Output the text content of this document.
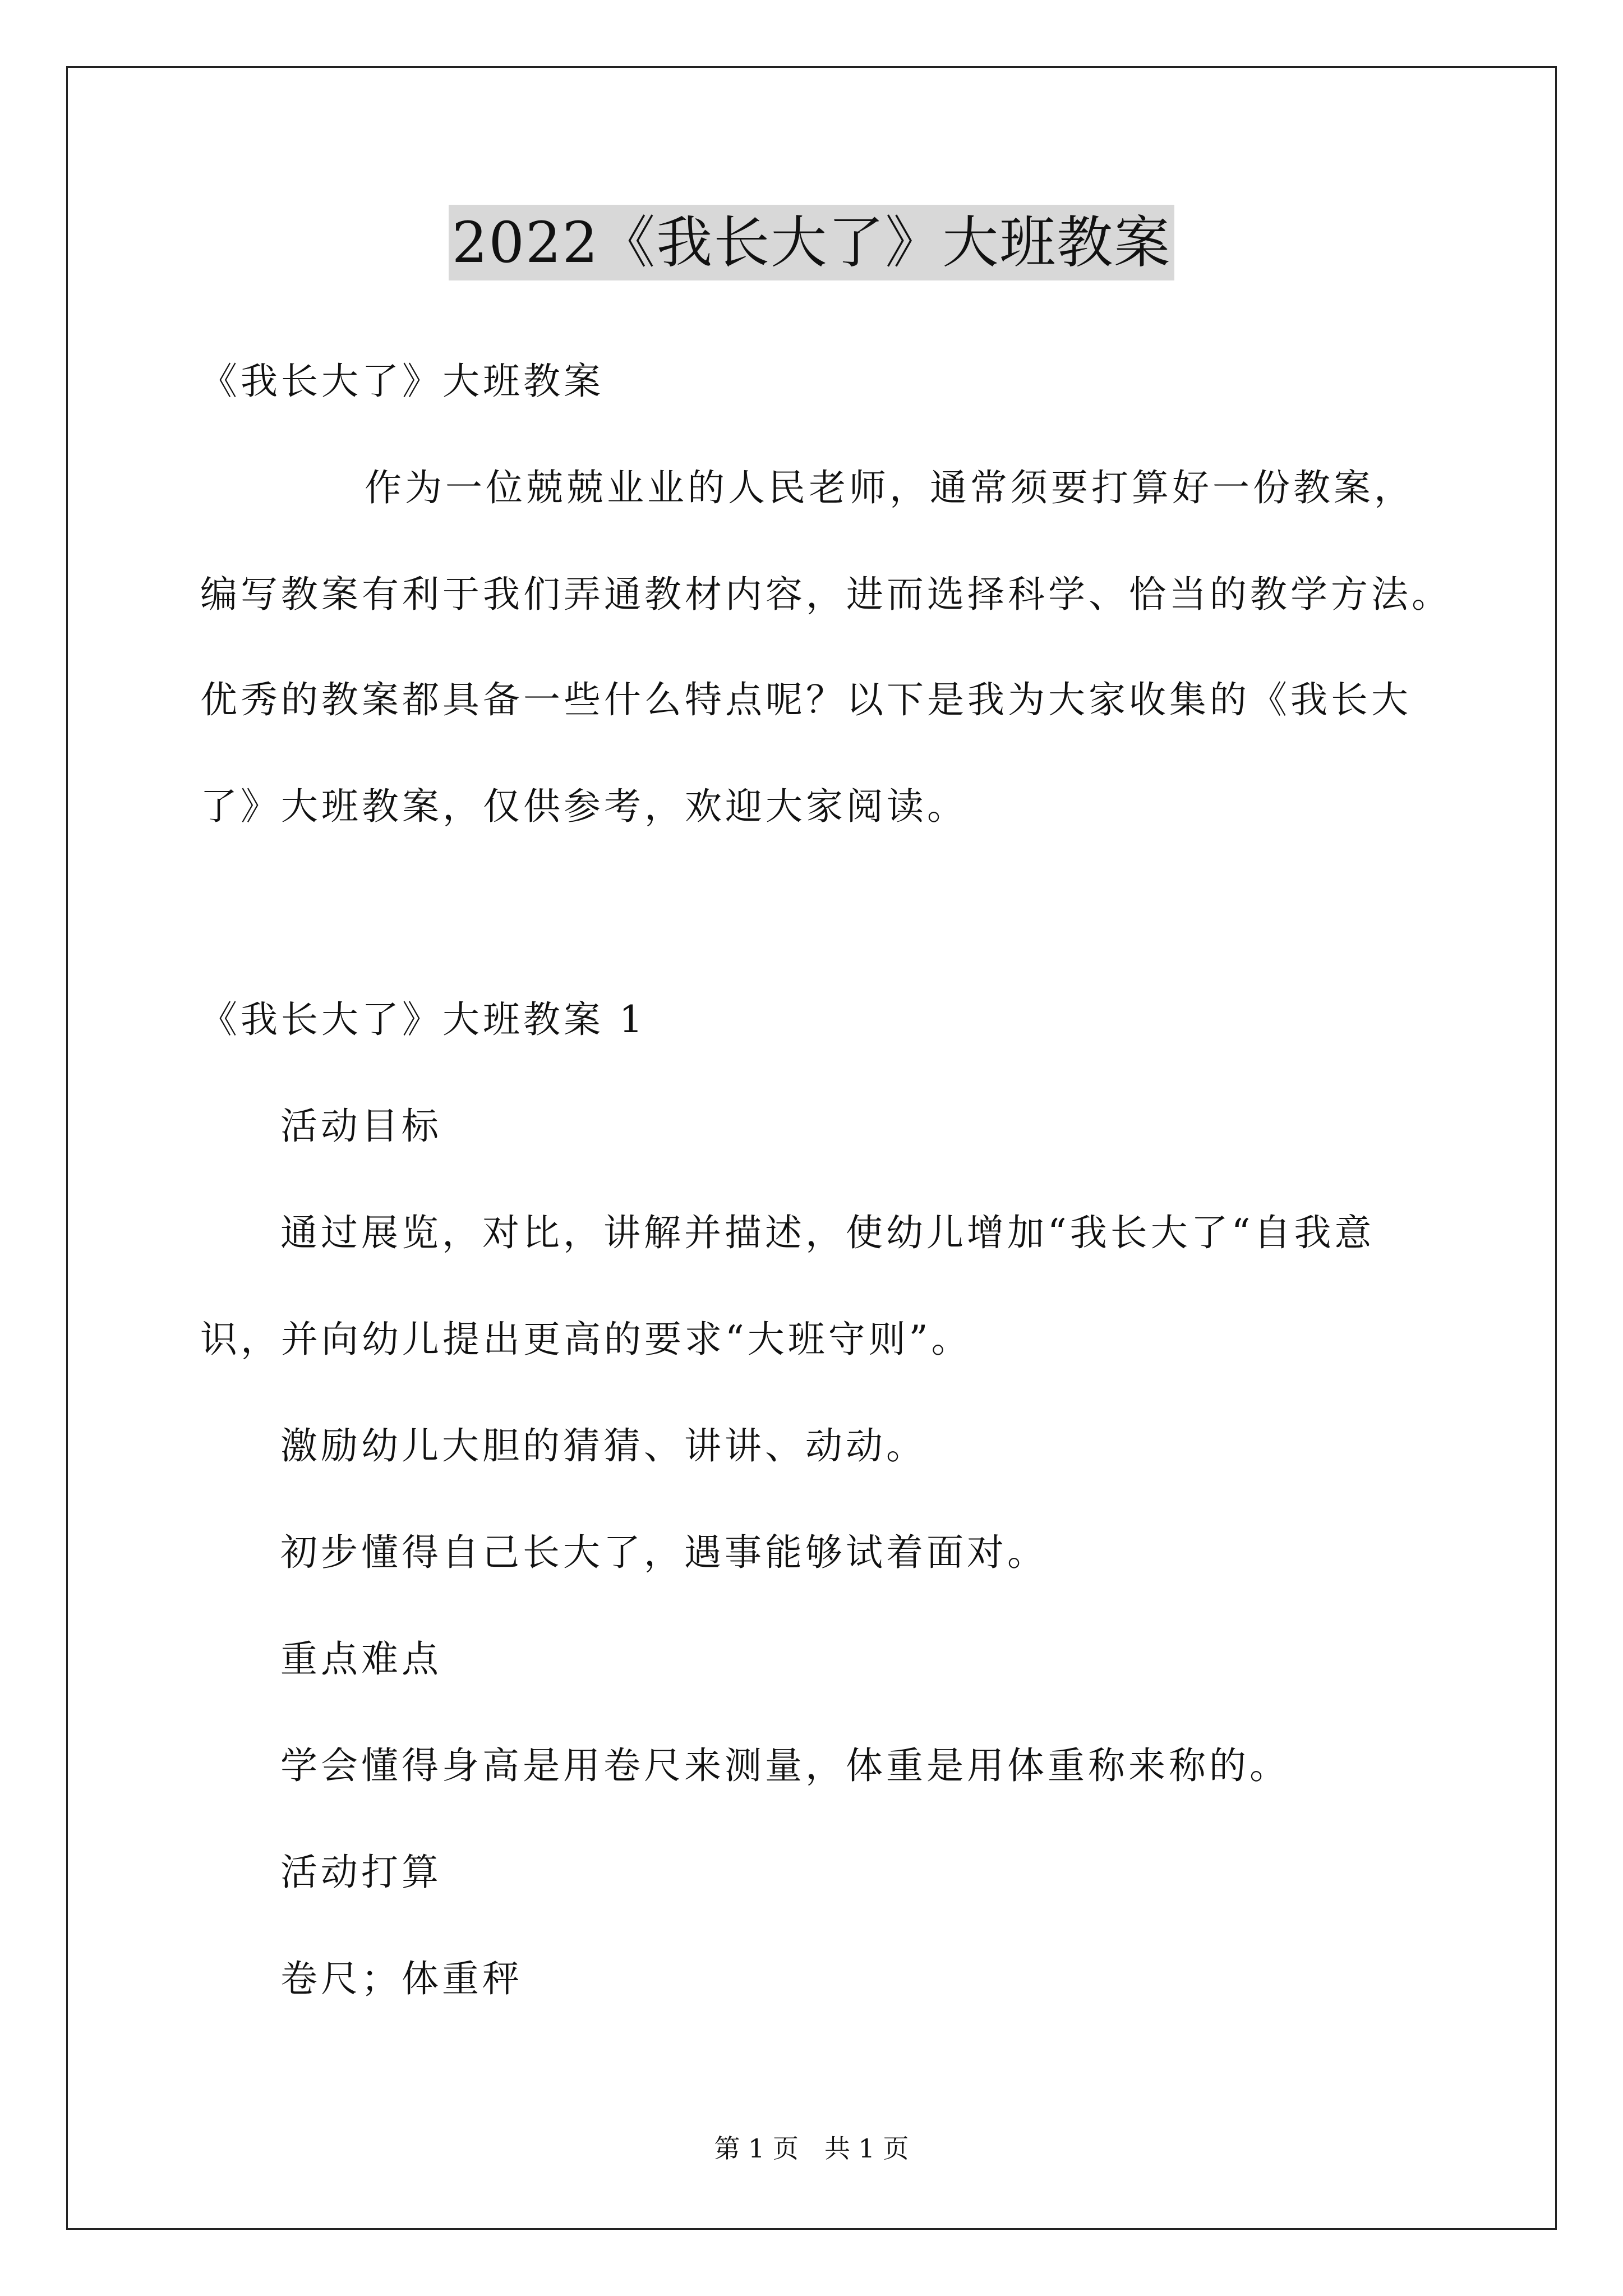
2022《我长大了》大班教案
《我长大了》大班教案
作为一位兢兢业业的人民老师，通常须要打算好一份教案，
编写教案有利于我们弄通教材内容，进而选择科学、恰当的教学方法。
优秀的教案都具备一些什么特点呢？以下是我为大家收集的《我长大
了》大班教案，仅供参考，欢迎大家阅读。
《我长大了》大班教案 1
活动目标
通过展览，对比，讲解并描述，使幼儿增加“我长大了“自我意
识，并向幼儿提出更高的要求“大班守则”。
激励幼儿大胆的猜猜、讲讲、动动。
初步懂得自己长大了，遇事能够试着面对。
重点难点
学会懂得身高是用卷尺来测量，体重是用体重称来称的。
活动打算
卷尺；体重秤
第 1 页　共 1 页
